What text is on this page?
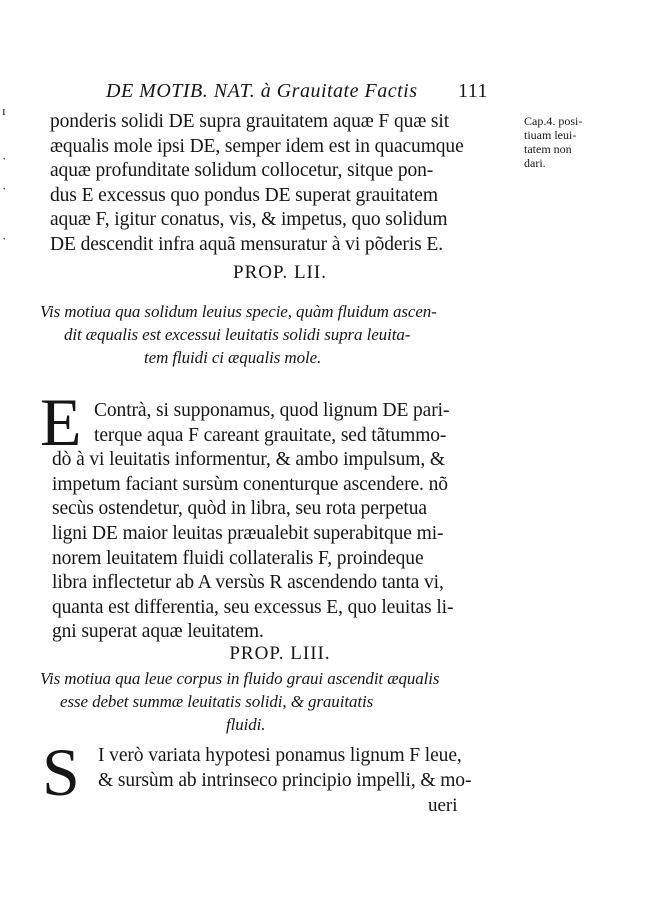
ı
·
·
·
DE MOTIB. NAT. à Grauitate Factis 111
Cap.4. posi-
tiuam leui-
tatem non
dari.
ponderis solidi DE supra grauitatem aquæ F quæ sit
æqualis mole ipsi DE, semper idem est in quacumque
aquæ profunditate solidum collocetur, sitque pon-
dus E excessus quo pondus DE superat grauitatem
aquæ F, igitur conatus, vis, & impetus, quo solidum
DE descendit infra aquã mensuratur à vi põderis E.
PROP. LII.
Vis motiua qua solidum leuius specie, quàm fluidum ascen-
dit æqualis est excessui leuitatis solidi supra leuita-
tem fluidi ci æqualis mole.
E Contrà, si supponamus, quod lignum DE pari-
terque aqua F careant grauitate, sed tãtummo-
dò à vi leuitatis informentur, & ambo impulsum, &
impetum faciant sursùm conenturque ascendere. nõ
secùs ostendetur, quòd in libra, seu rota perpetua
ligni DE maior leuitas præualebit superabitque mi-
norem leuitatem fluidi collateralis F, proindeque
libra inflectetur ab A versùs R ascendendo tanta vi,
quanta est differentia, seu excessus E, quo leuitas li-
gni superat aquæ leuitatem.
PROP. LIII.
Vis motiua qua leue corpus in fluido graui ascendit æqualis
esse debet summæ leuitatis solidi, & grauitatis
fluidi.
S I verò variata hypotesi ponamus lignum F leue,
& sursùm ab intrinseco principio impelli, & mo-
ueri
